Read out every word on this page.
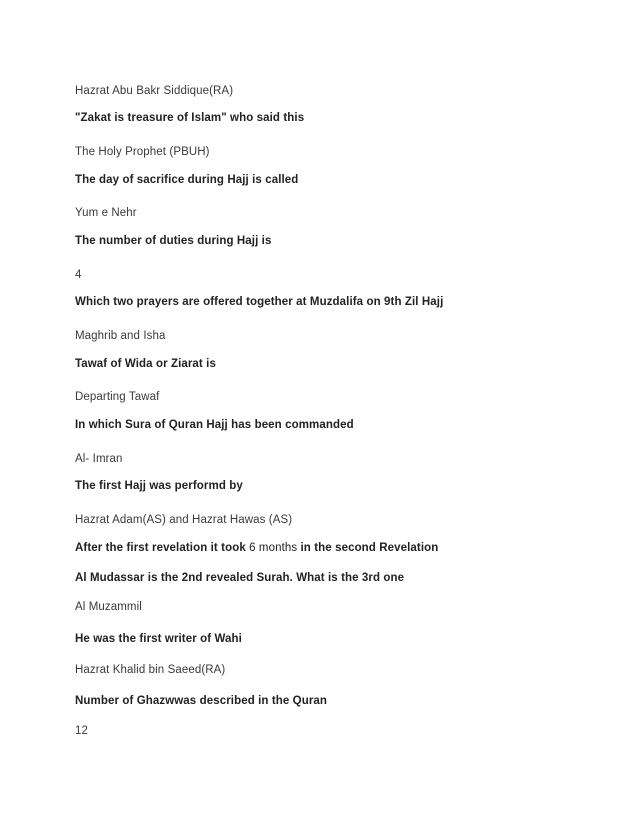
Hazrat Abu Bakr Siddique(RA)
"Zakat is treasure of Islam" who said this
The Holy Prophet (PBUH)
The day of sacrifice during Hajj is called
Yum e Nehr
The number of duties during Hajj is
4
Which two prayers are offered together at Muzdalifa on 9th Zil Hajj
Maghrib and Isha
Tawaf of Wida or Ziarat is
Departing Tawaf
In which Sura of Quran Hajj has been commanded
Al- Imran
The first Hajj was performd by
Hazrat Adam(AS) and Hazrat Hawas (AS)
After the first revelation it took 6 months in the second Revelation
Al Mudassar is the 2nd revealed Surah. What is the 3rd one
Al Muzammil
He was the first writer of Wahi
Hazrat Khalid bin Saeed(RA)
Number of Ghazwwas described in the Quran
12
